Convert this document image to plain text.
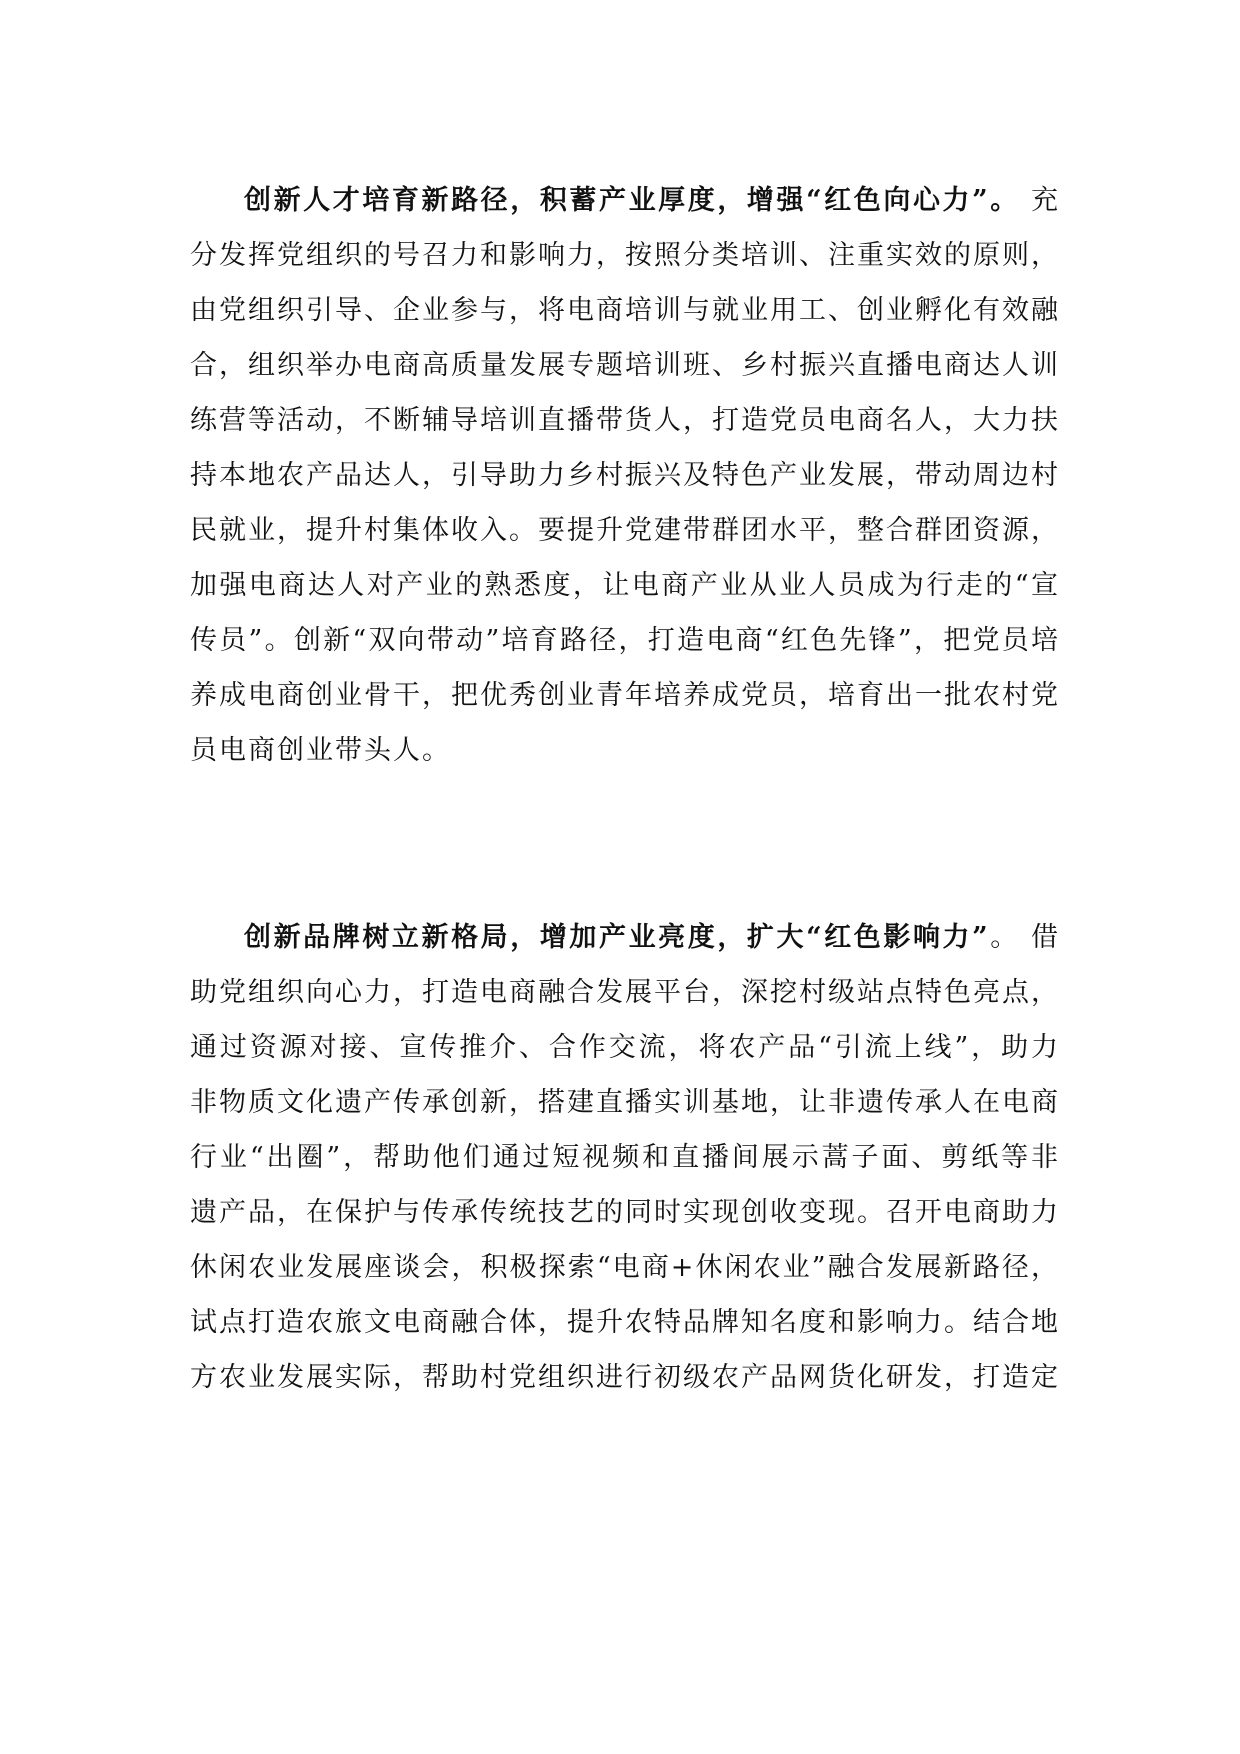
创新人才培育新路径，积蓄产业厚度，增强“红色向心力”。 充分发挥党组织的号召力和影响力，按照分类培训、注重实效的原则，由党组织引导、企业参与，将电商培训与就业用工、创业孵化有效融合，组织举办电商高质量发展专题培训班、乡村振兴直播电商达人训练营等活动，不断辅导培训直播带货人，打造党员电商名人，大力扶持本地农产品达人，引导助力乡村振兴及特色产业发展，带动周边村民就业，提升村集体收入。要提升党建带群团水平，整合群团资源，加强电商达人对产业的熟悉度，让电商产业从业人员成为行走的“宣传员”。创新“双向带动”培育路径，打造电商“红色先锋”，把党员培养成电商创业骨干，把优秀创业青年培养成党员，培育出一批农村党员电商创业带头人。

创新品牌树立新格局，增加产业亮度，扩大“红色影响力”。 借助党组织向心力，打造电商融合发展平台，深挖村级站点特色亮点，通过资源对接、宣传推介、合作交流，将农产品“引流上线”，助力非物质文化遗产传承创新，搭建直播实训基地，让非遗传承人在电商行业“出圈”，帮助他们通过短视频和直播间展示蒿子面、剪纸等非遗产品，在保护与传承传统技艺的同时实现创收变现。召开电商助力休闲农业发展座谈会，积极探索“电商+休闲农业”融合发展新路径，试点打造农旅文电商融合体，提升农特品牌知名度和影响力。结合地方农业发展实际，帮助村党组织进行初级农产品网货化研发，打造定
